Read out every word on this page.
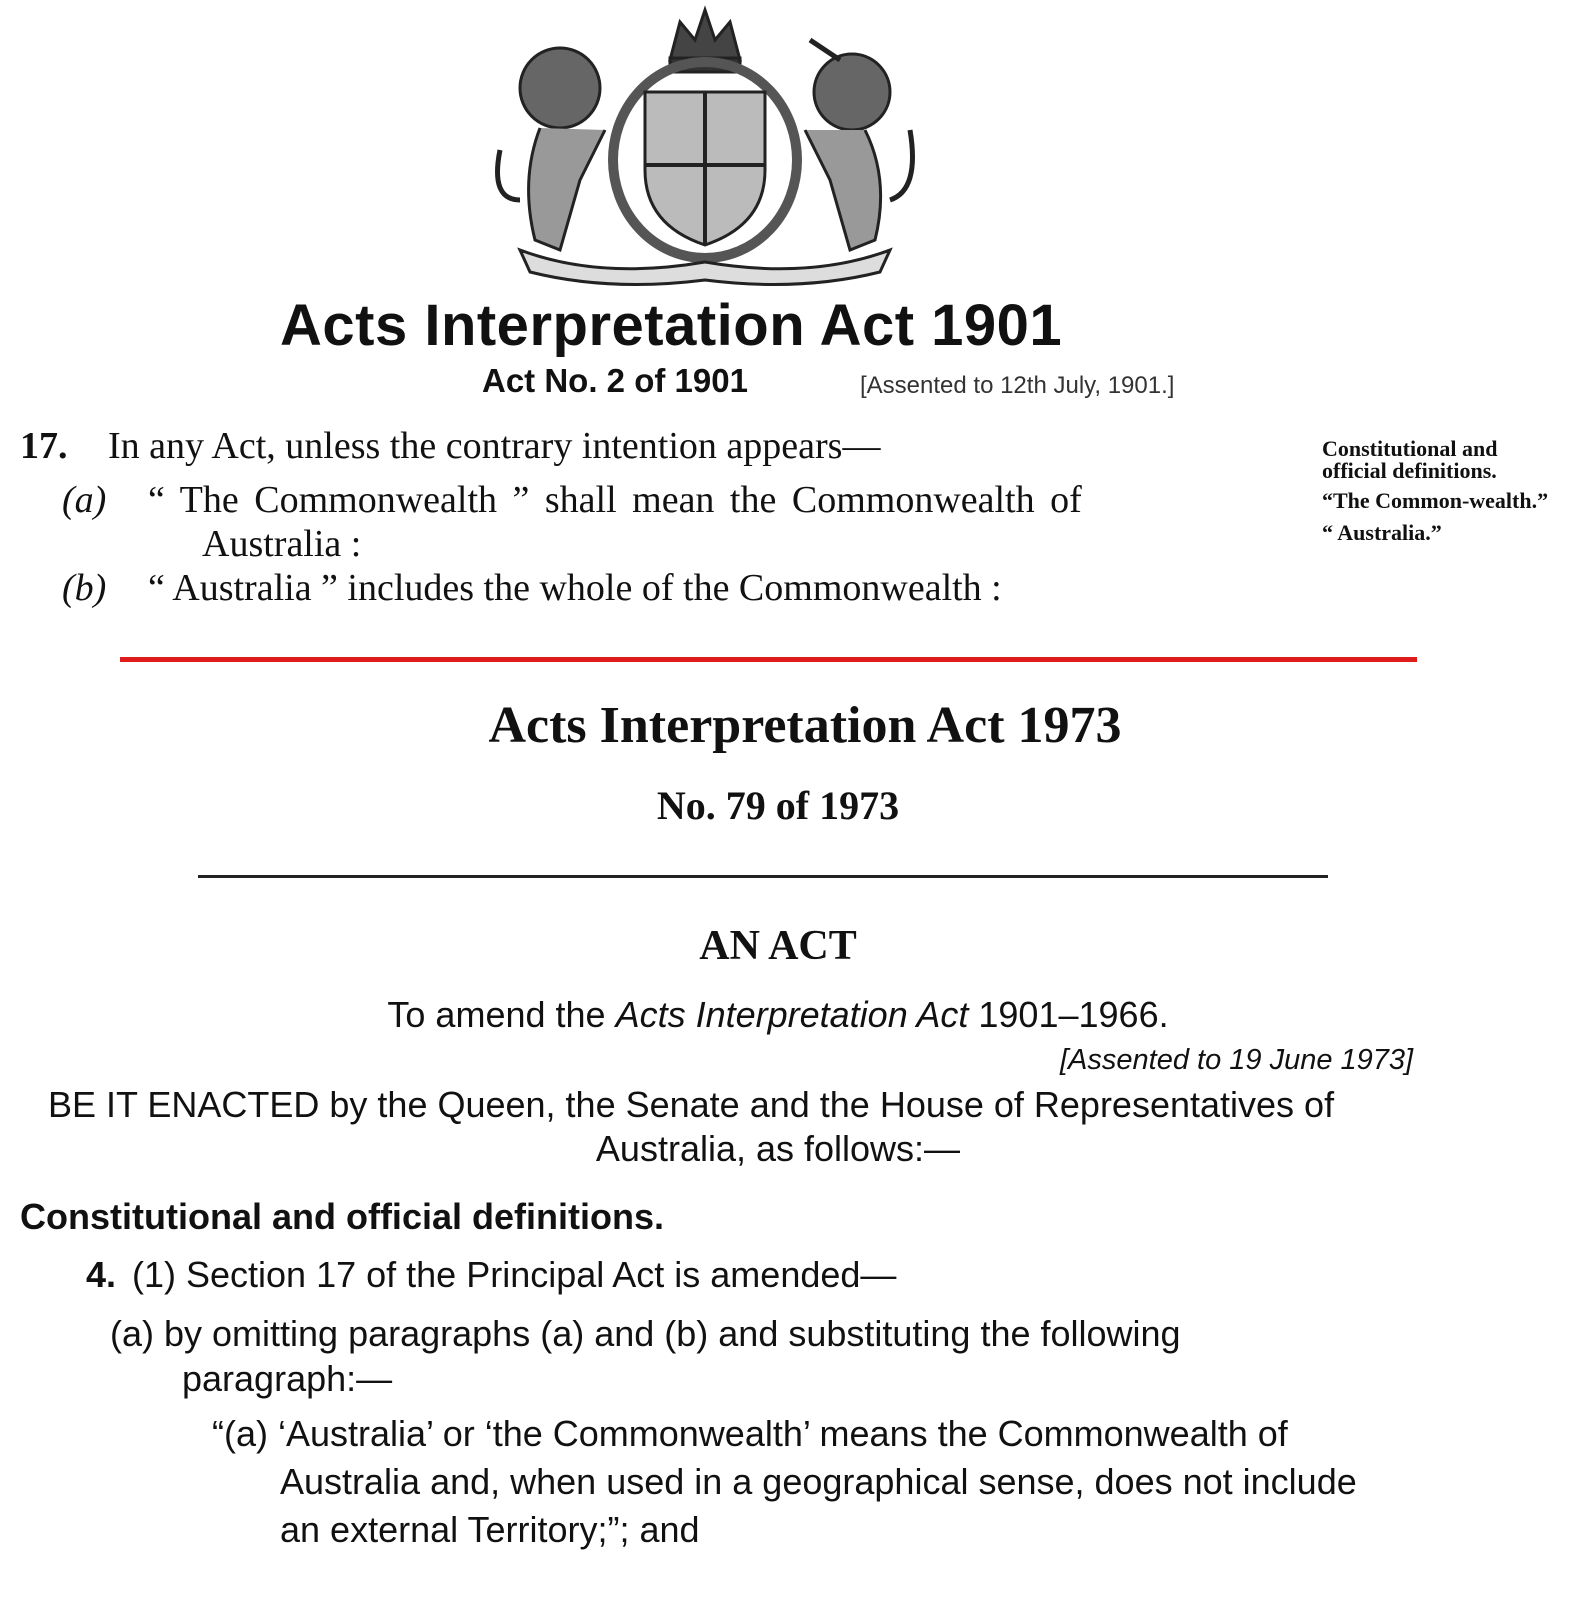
Acts Interpretation Act 1901
Act No. 2 of 1901	[Assented to 12th July, 1901.]
17. In any Act, unless the contrary intention appears—
(a) “ The Commonwealth ” shall mean the Commonwealth of
Australia :
(b) “ Australia ” includes the whole of the Commonwealth :
Constitutional and official definitions.
“The Common-wealth.”
“ Australia.”
Acts Interpretation Act 1973
No. 79 of 1973
AN ACT
To amend the Acts Interpretation Act 1901–1966.
[Assented to 19 June 1973]
BE IT ENACTED by the Queen, the Senate and the House of Representatives of
Australia, as follows:—
Constitutional and official definitions.
4. (1) Section 17 of the Principal Act is amended—
(a) by omitting paragraphs (a) and (b) and substituting the following
paragraph:—
“(a) ‘Australia’ or ‘the Commonwealth’ means the Commonwealth of
Australia and, when used in a geographical sense, does not include
an external Territory;”; and
